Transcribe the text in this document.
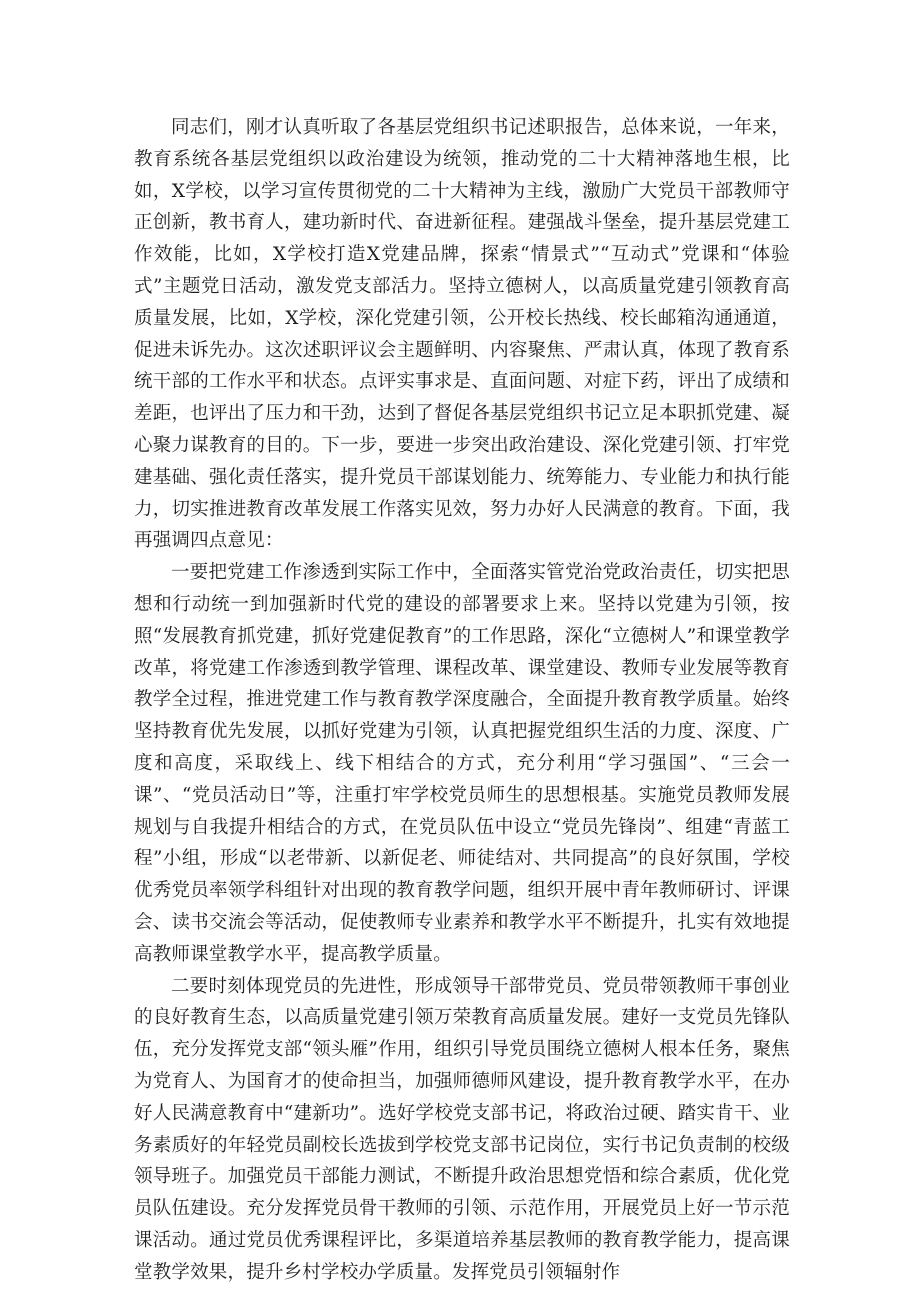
同志们，刚才认真听取了各基层党组织书记述职报告，总体来说，一年来，教育系统各基层党组织以政治建设为统领，推动党的二十大精神落地生根，比如，X学校，以学习宣传贯彻党的二十大精神为主线，激励广大党员干部教师守正创新，教书育人，建功新时代、奋进新征程。建强战斗堡垒，提升基层党建工作效能，比如，X学校打造X党建品牌，探索“情景式”“互动式”党课和“体验式”主题党日活动，激发党支部活力。坚持立德树人，以高质量党建引领教育高质量发展，比如，X学校，深化党建引领，公开校长热线、校长邮箱沟通通道，促进未诉先办。这次述职评议会主题鲜明、内容聚焦、严肃认真，体现了教育系统干部的工作水平和状态。点评实事求是、直面问题、对症下药，评出了成绩和差距，也评出了压力和干劲，达到了督促各基层党组织书记立足本职抓党建、凝心聚力谋教育的目的。下一步，要进一步突出政治建设、深化党建引领、打牢党建基础、强化责任落实，提升党员干部谋划能力、统筹能力、专业能力和执行能力，切实推进教育改革发展工作落实见效，努力办好人民满意的教育。下面，我再强调四点意见：

一要把党建工作渗透到实际工作中，全面落实管党治党政治责任，切实把思想和行动统一到加强新时代党的建设的部署要求上来。坚持以党建为引领，按照“发展教育抓党建，抓好党建促教育”的工作思路，深化“立德树人”和课堂教学改革，将党建工作渗透到教学管理、课程改革、课堂建设、教师专业发展等教育教学全过程，推进党建工作与教育教学深度融合，全面提升教育教学质量。始终坚持教育优先发展，以抓好党建为引领，认真把握党组织生活的力度、深度、广度和高度，采取线上、线下相结合的方式，充分利用“学习强国”、“三会一课”、“党员活动日”等，注重打牢学校党员师生的思想根基。实施党员教师发展规划与自我提升相结合的方式，在党员队伍中设立“党员先锋岗”、组建“青蓝工程”小组，形成“以老带新、以新促老、师徒结对、共同提高”的良好氛围，学校优秀党员率领学科组针对出现的教育教学问题，组织开展中青年教师研讨、评课会、读书交流会等活动，促使教师专业素养和教学水平不断提升，扎实有效地提高教师课堂教学水平，提高教学质量。

二要时刻体现党员的先进性，形成领导干部带党员、党员带领教师干事创业的良好教育生态，以高质量党建引领万荣教育高质量发展。建好一支党员先锋队伍，充分发挥党支部“领头雁”作用，组织引导党员围绕立德树人根本任务，聚焦为党育人、为国育才的使命担当，加强师德师风建设，提升教育教学水平，在办好人民满意教育中“建新功”。选好学校党支部书记，将政治过硬、踏实肯干、业务素质好的年轻党员副校长选拔到学校党支部书记岗位，实行书记负责制的校级领导班子。加强党员干部能力测试，不断提升政治思想党悟和综合素质，优化党员队伍建设。充分发挥党员骨干教师的引领、示范作用，开展党员上好一节示范课活动。通过党员优秀课程评比，多渠道培养基层教师的教育教学能力，提高课堂教学效果，提升乡村学校办学质量。发挥党员引领辐射作
